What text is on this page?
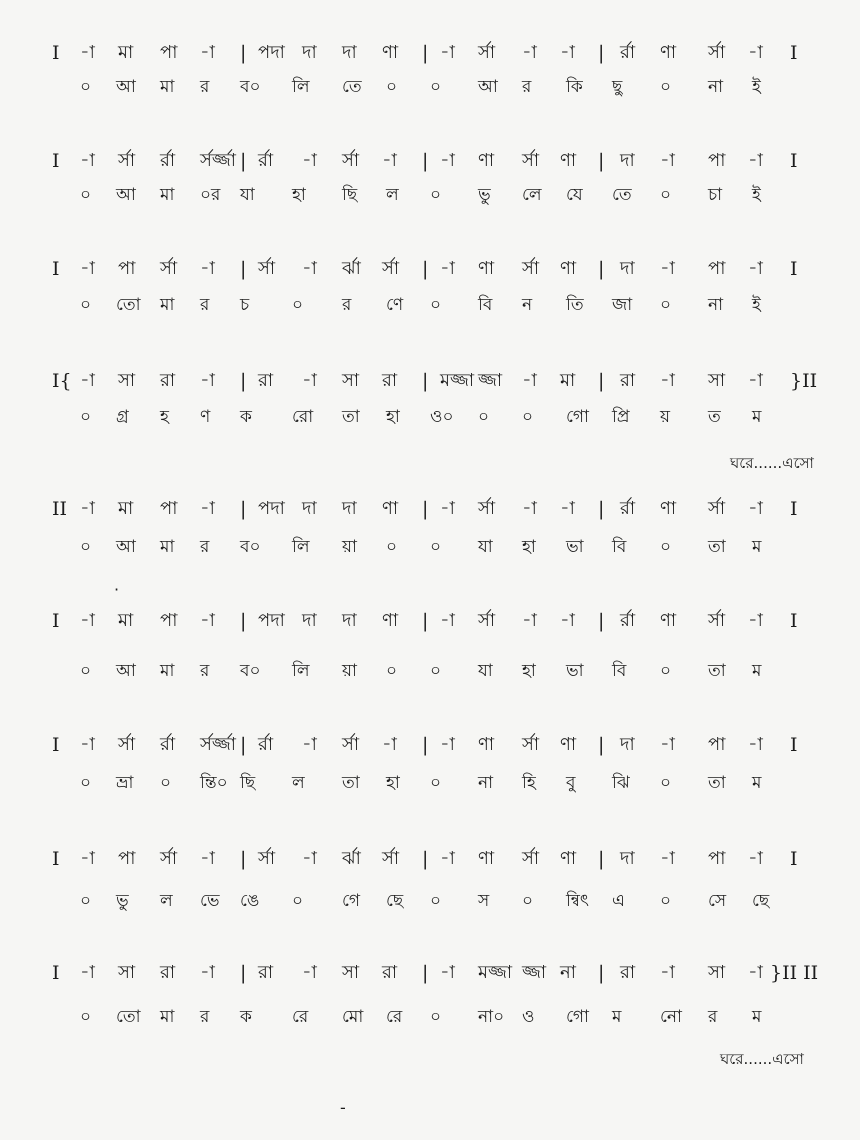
I -া মা পা -া | পদা দা দা ণা | -া র্সা -া -া | র্রা ণা র্সা -া I
০ আ মা র ব০ লি তে ০ ০ আ র কি ছু ০ না ই
I -া র্সা র্রা র্সর্জ্জা | র্রা -া র্সা -া | -া ণা র্সা ণা | দা -া পা -া I
০ আ মা ০র যা হা ছি ল ০ ভু লে যে তে ০ চা ই
I -া পা র্সা -া | র্সা -া র্ঝা র্সা | -া ণা র্সা ণা | দা -া পা -া I
০ তো মা র চ	০ র ণে ০ বি ন তি জা ০ না ই
I{ -া সা রা -া | রা -া সা রা | মজ্জা জ্জা -া মা | রা -া সা -া }II
০ গ্র হ ণ ক রো তা হা ও০ ০ ০ গো প্রি য় ত ম
ঘরে......এসো
II -া মা পা -া | পদা দা দা ণা | -া র্সা -া -া | র্রা ণা র্সা -া I
০ আ মা র ব০ লি য়া ০ ০ যা হা ভা বি ০ তা ম
I -া মা পা -া | পদা দা দা ণা | -া র্সা -া -া | র্রা ণা র্সা -া I
০ আ মা র ব০ লি য়া ০ ০ যা হা ভা বি ০ তা ম
I -া র্সা র্রা র্সর্জ্জা | র্রা -া র্সা -া | -া ণা র্সা ণা | দা -া পা -া I
০ ভ্রা ০ ন্তি০ ছি ল তা হা ০ না হি বু ঝি ০ তা ম
I -া পা র্সা -া | র্সা -া র্ঝা র্সা | -া ণা র্সা ণা | দা -া পা -া I
০ ভু ল ভে ঙে ০ গে ছে ০ স ০ ন্বিৎ এ ০ সে ছে
I -া সা রা -া | রা -া সা রা | -া মজ্জা জ্জা না | রা -া সা -া }II II
০ তো মা র ক রে মো রে ০ না০ ও গো ম নো র ম
ঘরে......এসো
·
-
